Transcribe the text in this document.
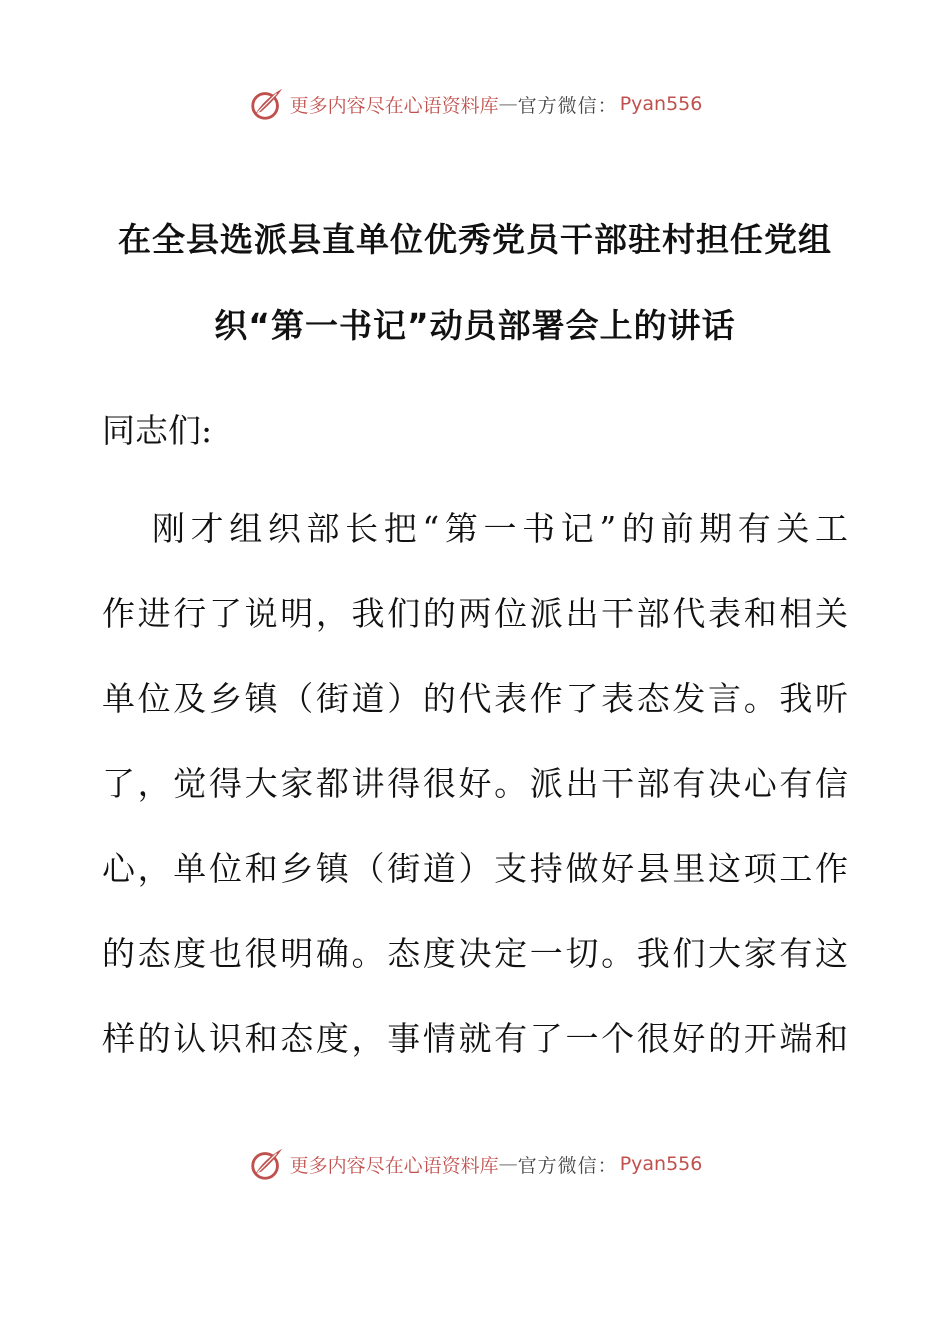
更多内容尽在心语资料库 — 官方微信： Pyan556
在全县选派县直单位优秀党员干部驻村担任党组
织“第一书记”动员部署会上的讲话
同志们:
刚才组织部长把“第一书记”的前期有关工
作进行了说明，我们的两位派出干部代表和相关
单位及乡镇（街道）的代表作了表态发言。我听
了，觉得大家都讲得很好。派出干部有决心有信
心，单位和乡镇（街道）支持做好县里这项工作
的态度也很明确。态度决定一切。我们大家有这
样的认识和态度，事情就有了一个很好的开端和
更多内容尽在心语资料库 — 官方微信： Pyan556
